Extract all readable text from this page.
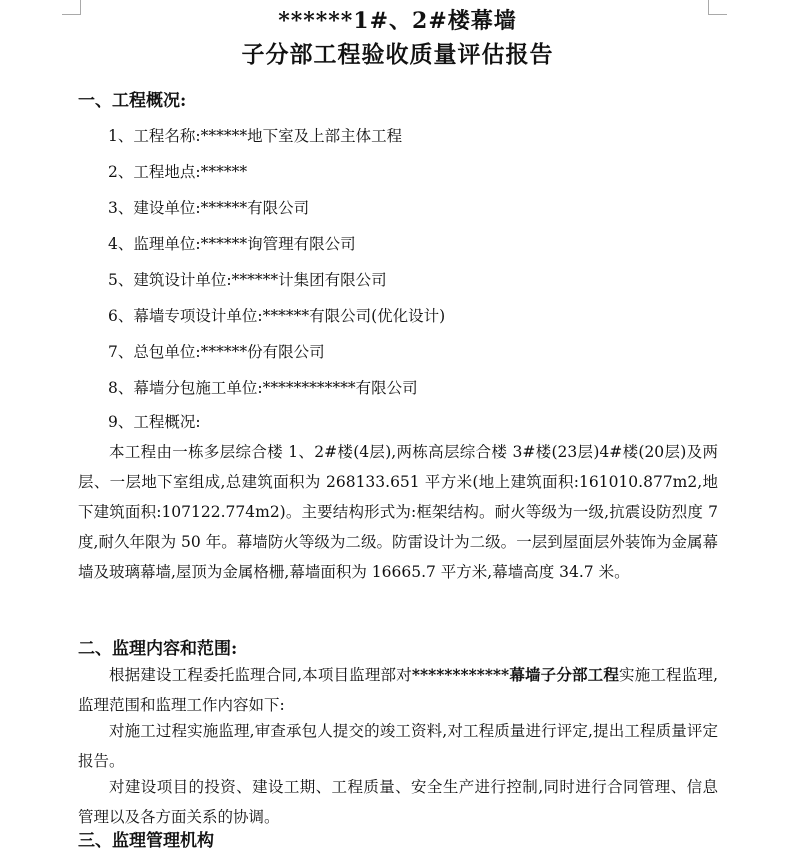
******1#、2#楼幕墙
子分部工程验收质量评估报告
一、工程概况:
1、工程名称:******地下室及上部主体工程
2、工程地点:******
3、建设单位:******有限公司
4、监理单位:******询管理有限公司
5、建筑设计单位:******计集团有限公司
6、幕墙专项设计单位:******有限公司(优化设计)
7、总包单位:******份有限公司
8、幕墙分包施工单位:************有限公司
9、工程概况:
本工程由一栋多层综合楼 1、2#楼(4层),两栋高层综合楼 3#楼(23层)4#楼(20层)及两层、一层地下室组成,总建筑面积为 268133.651 平方米(地上建筑面积:161010.877m2,地下建筑面积:107122.774m2)。主要结构形式为:框架结构。耐火等级为一级,抗震设防烈度 7 度,耐久年限为 50 年。幕墙防火等级为二级。防雷设计为二级。一层到屋面层外装饰为金属幕墙及玻璃幕墙,屋顶为金属格栅,幕墙面积为 16665.7 平方米,幕墙高度 34.7 米。
二、监理内容和范围:
根据建设工程委托监理合同,本项目监理部对************幕墙子分部工程实施工程监理,监理范围和监理工作内容如下:
对施工过程实施监理,审查承包人提交的竣工资料,对工程质量进行评定,提出工程质量评定报告。
对建设项目的投资、建设工期、工程质量、安全生产进行控制,同时进行合同管理、信息管理以及各方面关系的协调。
三、监理管理机构
